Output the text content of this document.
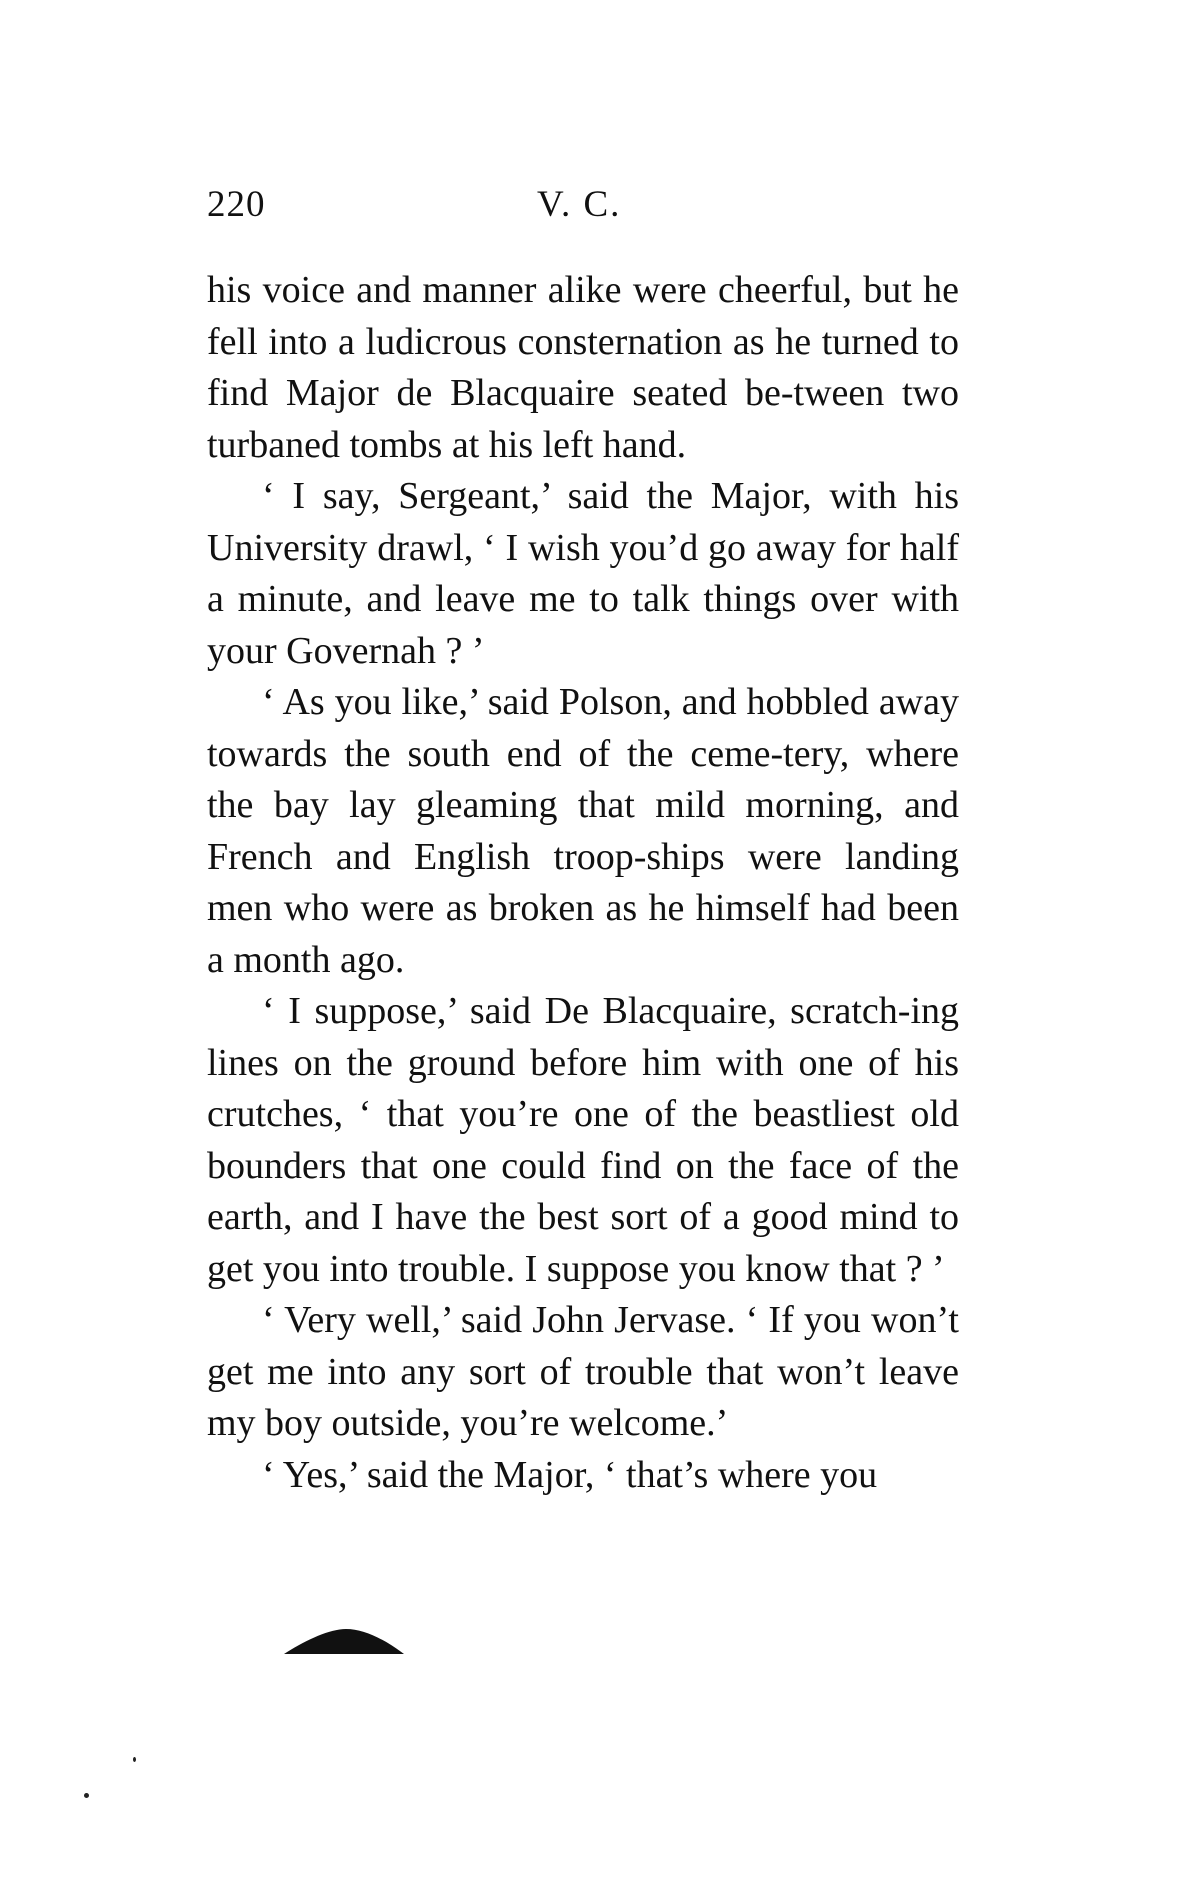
220	V. C.

his voice and manner alike were cheerful, but he fell into a ludicrous consternation as he turned to find Major de Blacquaire seated be-tween two turbaned tombs at his left hand.

‘ I say, Sergeant,’ said the Major, with his University drawl, ‘ I wish you’d go away for half a minute, and leave me to talk things over with your Governah ? ’

‘ As you like,’ said Polson, and hobbled away towards the south end of the ceme-tery, where the bay lay gleaming that mild morning, and French and English troop-ships were landing men who were as broken as he himself had been a month ago.

‘ I suppose,’ said De Blacquaire, scratch-ing lines on the ground before him with one of his crutches, ‘ that you’re one of the beastliest old bounders that one could find on the face of the earth, and I have the best sort of a good mind to get you into trouble. I suppose you know that ? ’

‘ Very well,’ said John Jervase. ‘ If you won’t get me into any sort of trouble that won’t leave my boy outside, you’re welcome.’

‘ Yes,’ said the Major, ‘ that’s where you
